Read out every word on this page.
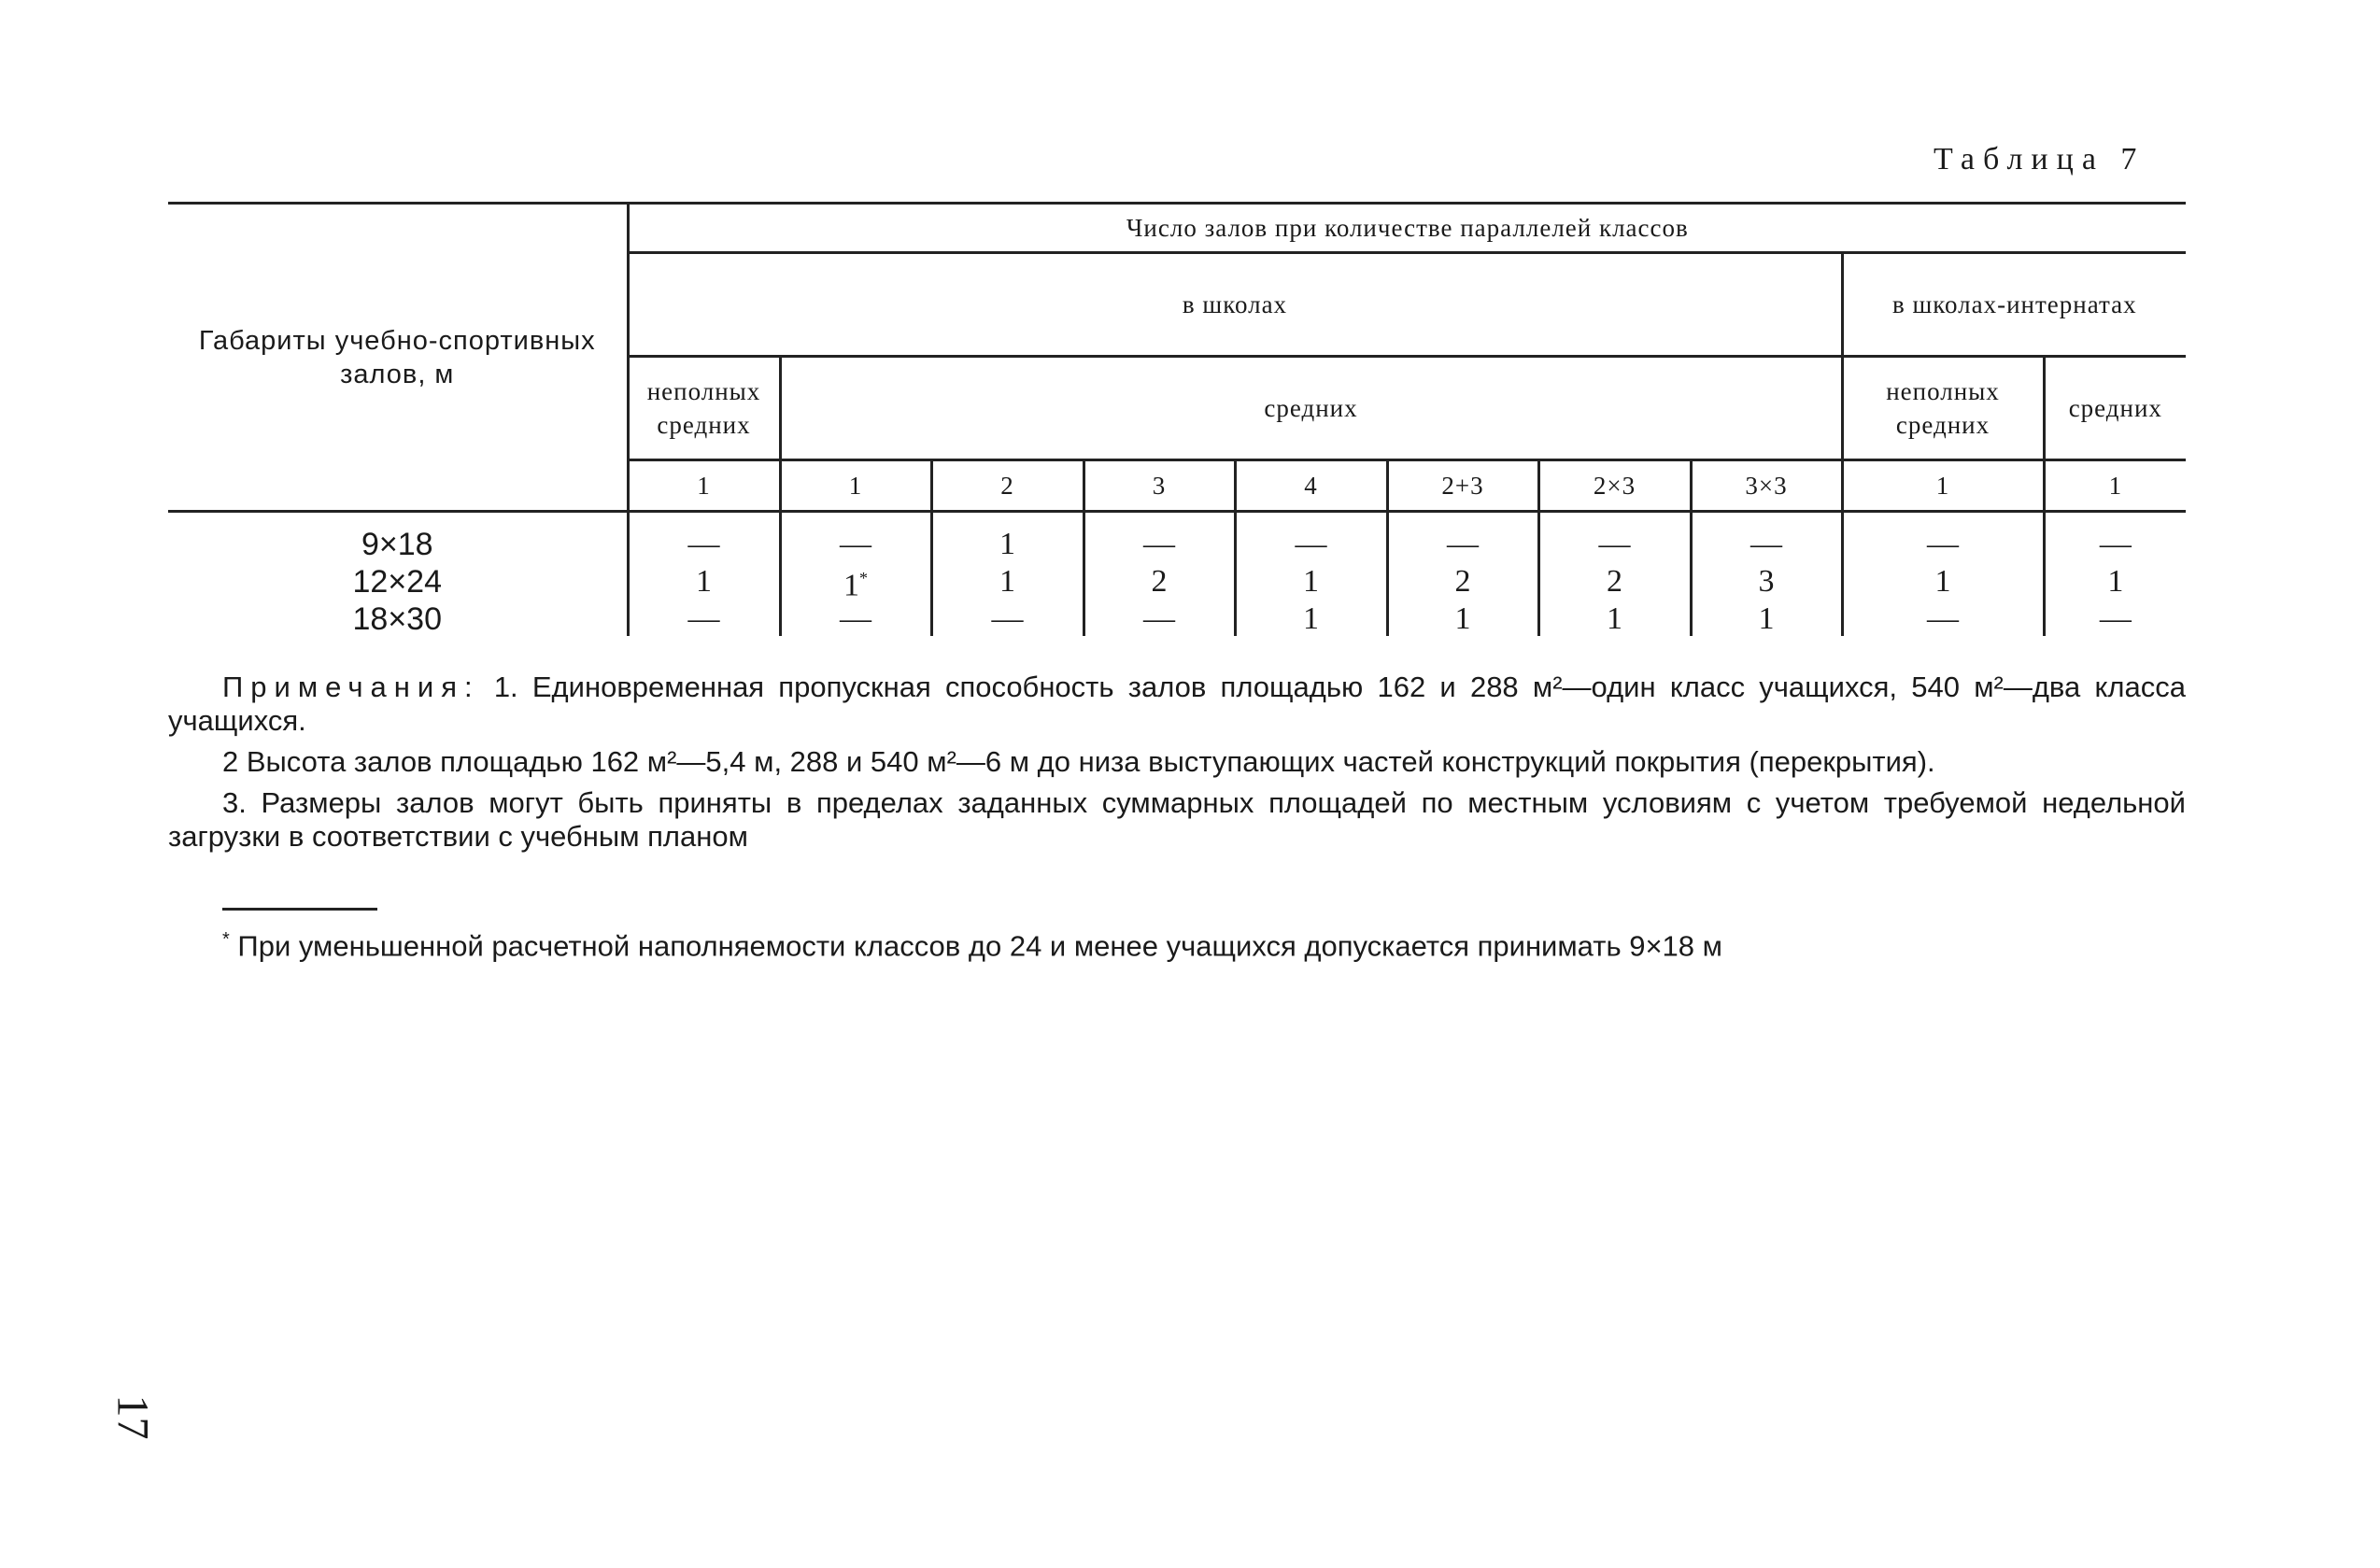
Таблица 7
Габариты учебно-спортивных залов, м	Число залов при количестве параллелей классов									
	в школах								в школах-интернатах	
	неполных средних	средних							неполных средних	средних
	1	1	2	3	4	2+3	2×3	3×3	1	1

9×18	—	—	1	—	—	—	—	—	—	—
12×24	1	1*	1	2	1	2	2	3	1	1
18×30	—	—	—	—	1	1	1	1	—	—

Примечания: 1. Единовременная пропускная способность залов площадью 162 и 288 м²—один класс учащихся, 540 м²—два класса учащихся.

2 Высота залов площадью 162 м²—5,4 м, 288 и 540 м²—6 м до низа выступающих частей конструкций покрытия (перекрытия).

3. Размеры залов могут быть приняты в пределах заданных суммарных площадей по местным условиям с учетом требуемой недельной загрузки в соответствии с учебным планом

* При уменьшенной расчетной наполняемости классов до 24 и менее учащихся допускается принимать 9×18 м
17
